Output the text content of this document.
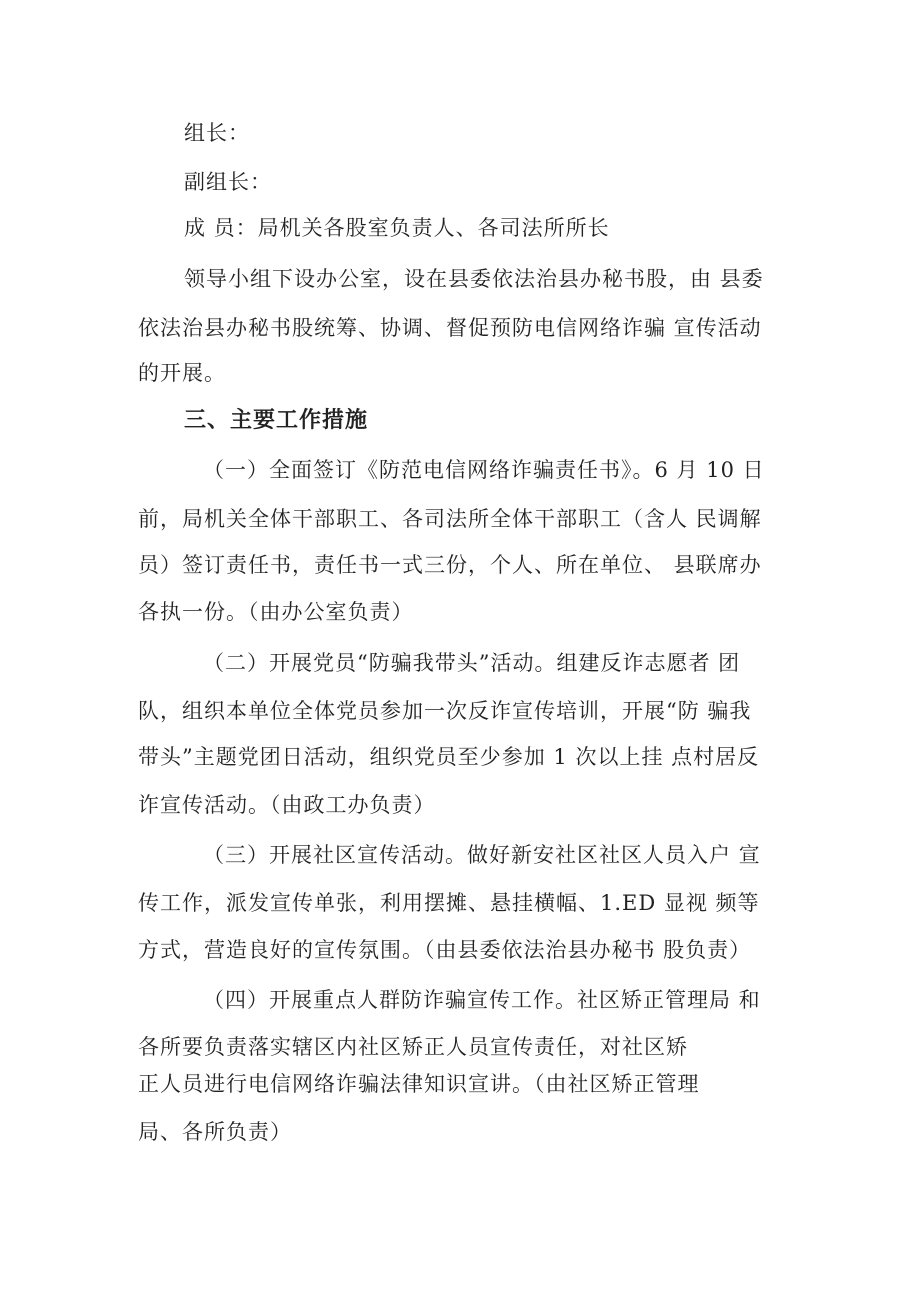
组长：
副组长：
成 员：局机关各股室负责人、各司法所所长
领导小组下设办公室，设在县委依法治县办秘书股，由 县委
依法治县办秘书股统筹、协调、督促预防电信网络诈骗 宣传活动
的开展。
三、主要工作措施
（一）全面签订《防范电信网络诈骗责任书》。6 月 10 日
前，局机关全体干部职工、各司法所全体干部职工（含人 民调解
员）签订责任书，责任书一式三份，个人、所在单位、 县联席办
各执一份。（由办公室负责）
（二）开展党员“防骗我带头”活动。组建反诈志愿者 团
队，组织本单位全体党员参加一次反诈宣传培训，开展“防 骗我
带头”主题党团日活动，组织党员至少参加 1 次以上挂 点村居反
诈宣传活动。（由政工办负责）
（三）开展社区宣传活动。做好新安社区社区人员入户 宣
传工作，派发宣传单张，利用摆摊、悬挂横幅、1.ED 显视 频等
方式，营造良好的宣传氛围。（由县委依法治县办秘书 股负责）
（四）开展重点人群防诈骗宣传工作。社区矫正管理局 和
各所要负责落实辖区内社区矫正人员宣传责任，对社区矫
正人员进行电信网络诈骗法律知识宣讲。（由社区矫正管理
局、各所负责）
